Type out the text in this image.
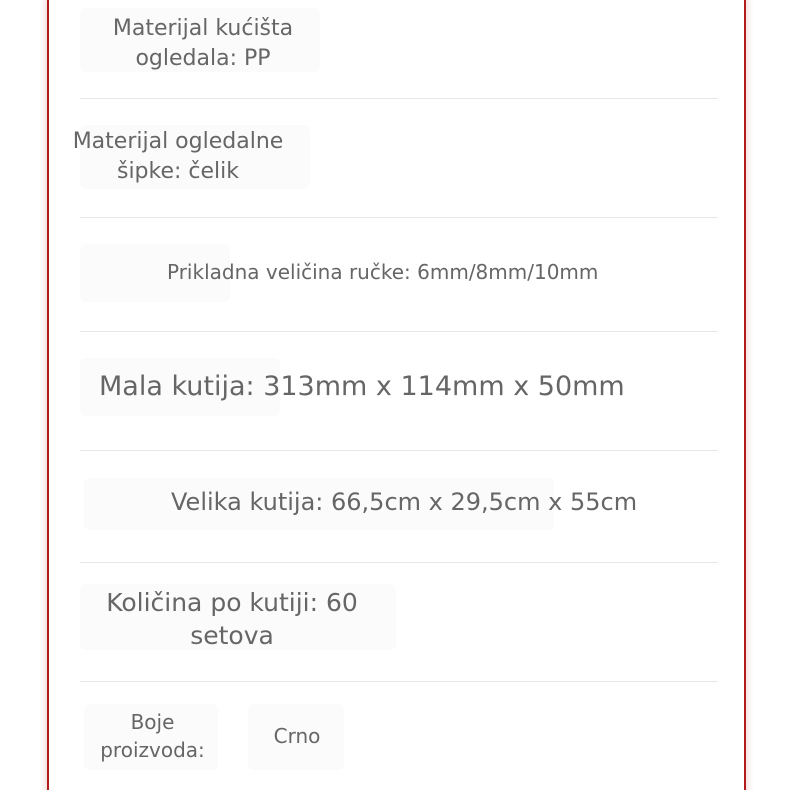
Materijal kućišta
ogledala: PP
Materijal ogledalne
šipke: čelik
Prikladna veličina ručke: 6mm/8mm/10mm
Mala kutija: 313mm x 114mm x 50mm
Velika kutija: 66,5cm x 29,5cm x 55cm
Količina po kutiji: 60
setova
Boje
proizvoda:
Crno
